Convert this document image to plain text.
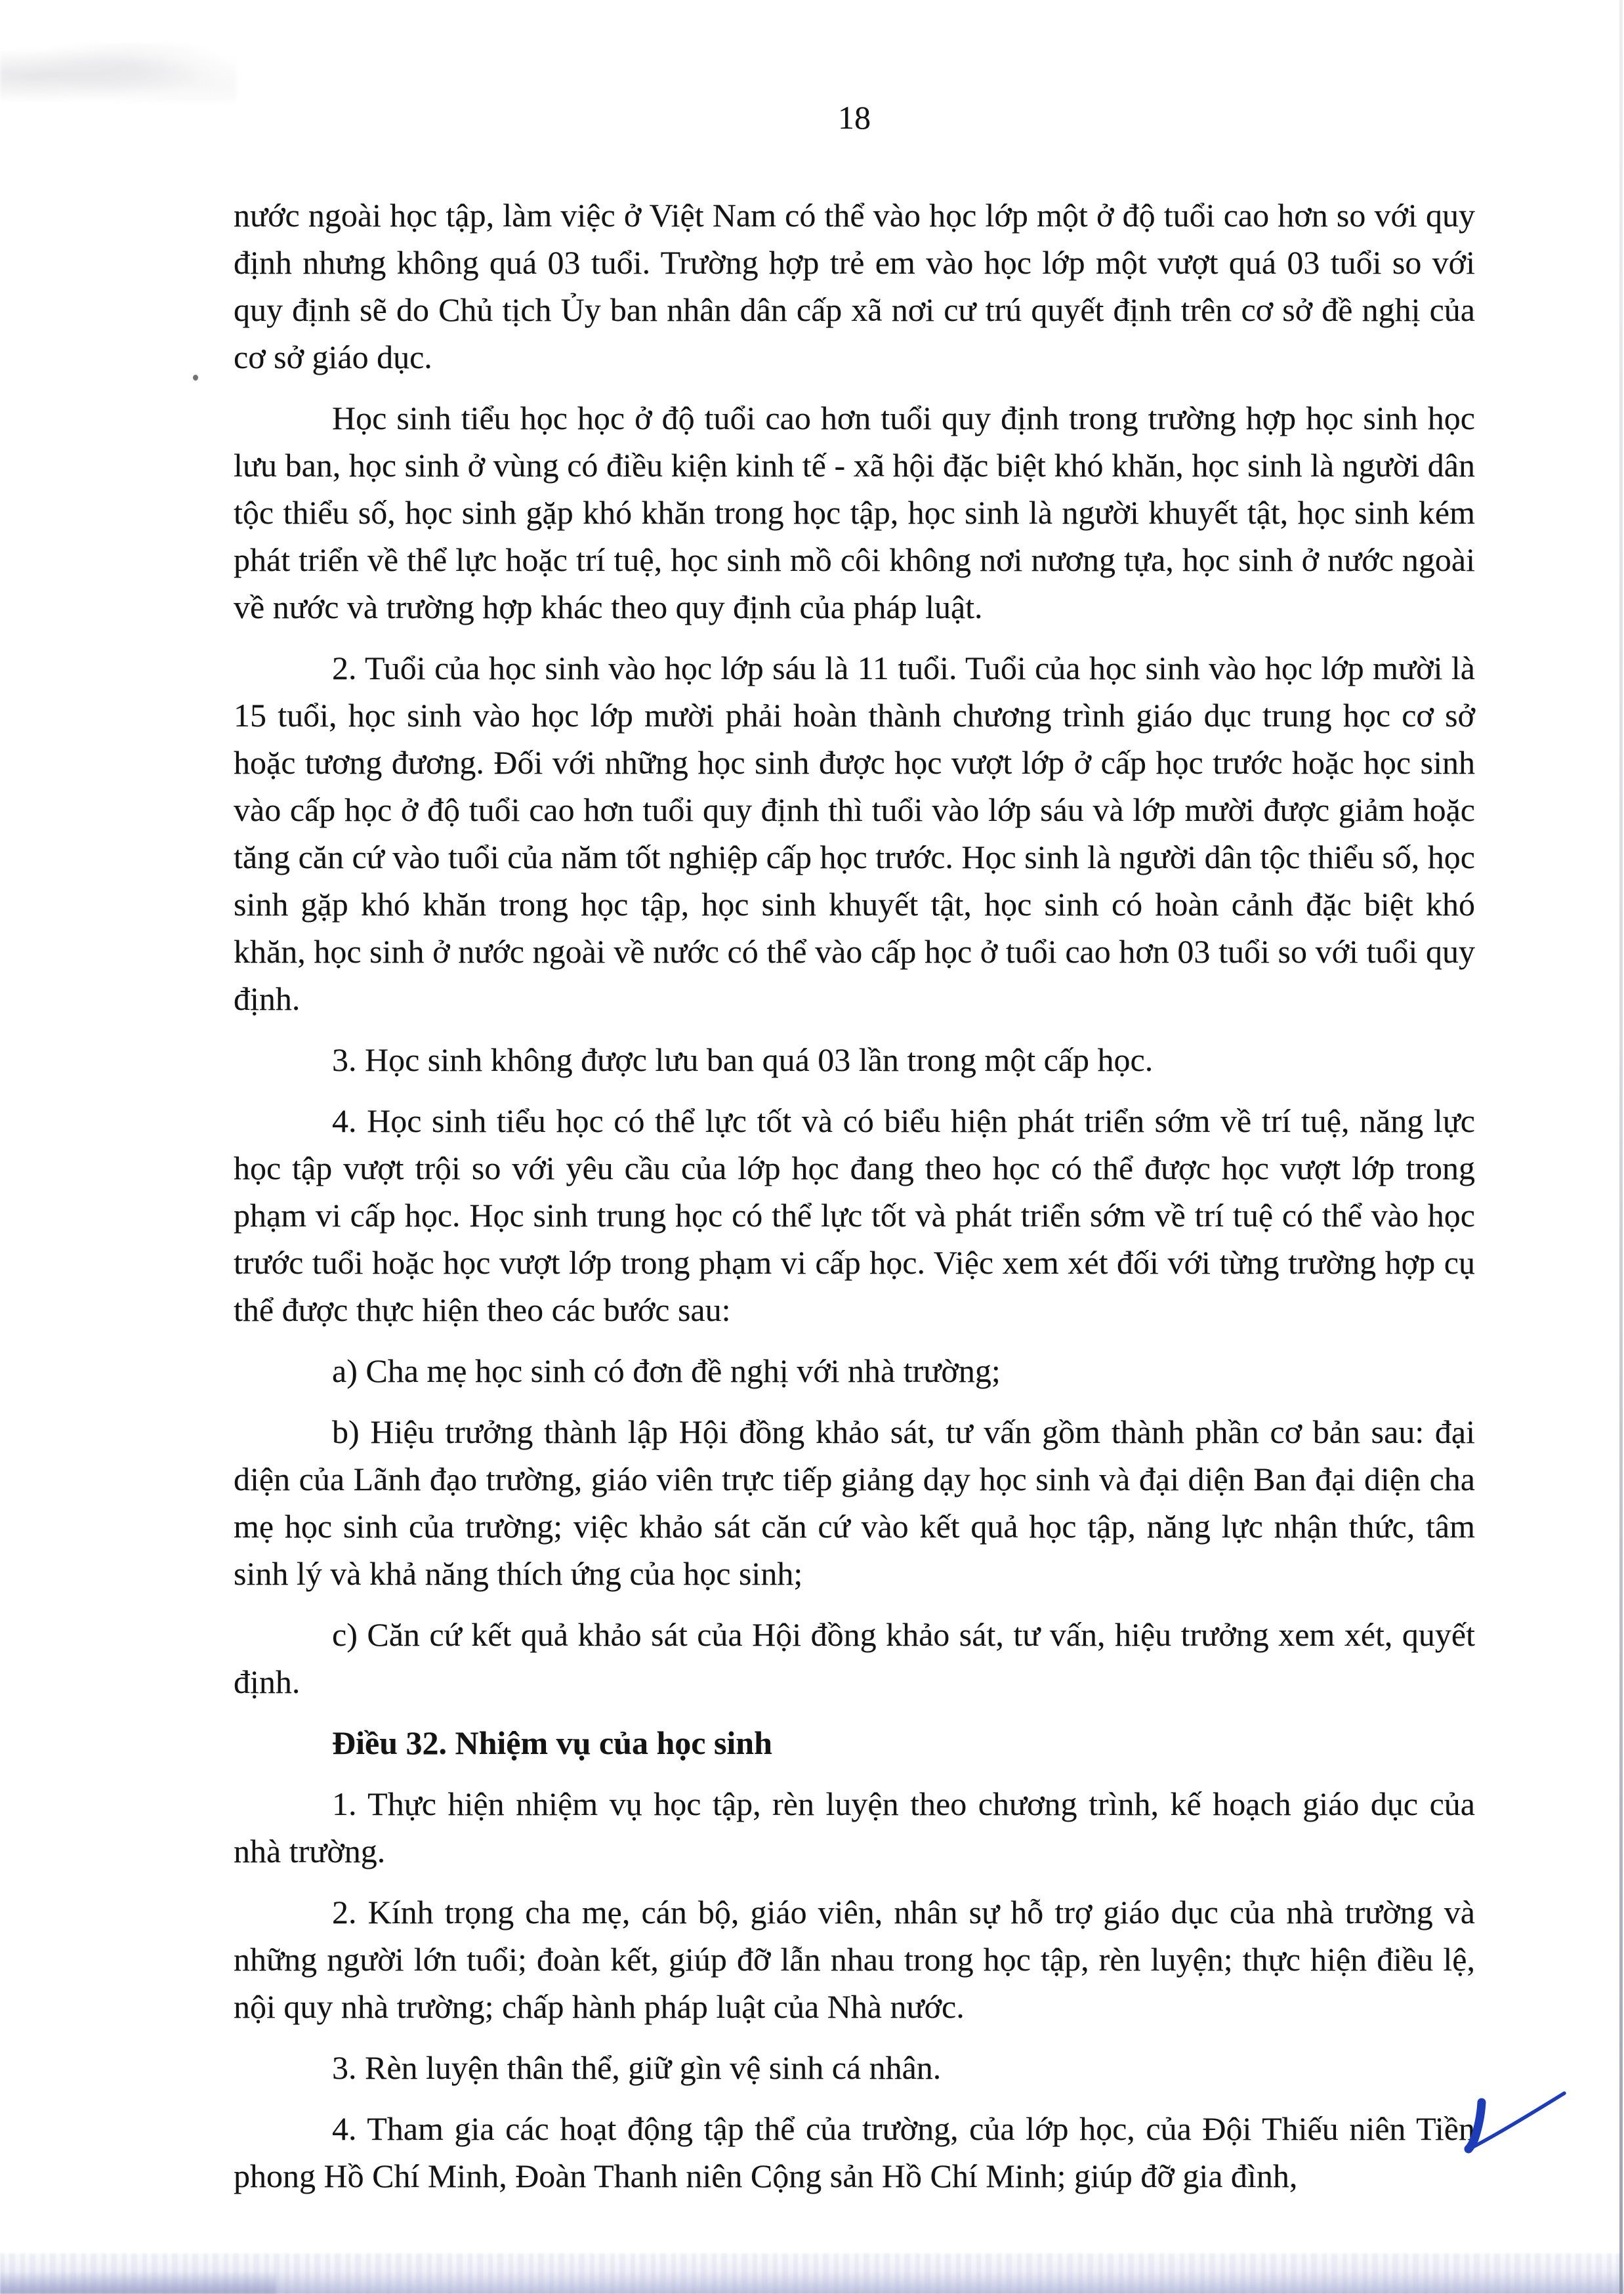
18

nước ngoài học tập, làm việc ở Việt Nam có thể vào học lớp một ở độ tuổi cao hơn so với quy định nhưng không quá 03 tuổi. Trường hợp trẻ em vào học lớp một vượt quá 03 tuổi so với quy định sẽ do Chủ tịch Ủy ban nhân dân cấp xã nơi cư trú quyết định trên cơ sở đề nghị của cơ sở giáo dục.

Học sinh tiểu học học ở độ tuổi cao hơn tuổi quy định trong trường hợp học sinh học lưu ban, học sinh ở vùng có điều kiện kinh tế - xã hội đặc biệt khó khăn, học sinh là người dân tộc thiểu số, học sinh gặp khó khăn trong học tập, học sinh là người khuyết tật, học sinh kém phát triển về thể lực hoặc trí tuệ, học sinh mồ côi không nơi nương tựa, học sinh ở nước ngoài về nước và trường hợp khác theo quy định của pháp luật.

2. Tuổi của học sinh vào học lớp sáu là 11 tuổi. Tuổi của học sinh vào học lớp mười là 15 tuổi, học sinh vào học lớp mười phải hoàn thành chương trình giáo dục trung học cơ sở hoặc tương đương. Đối với những học sinh được học vượt lớp ở cấp học trước hoặc học sinh vào cấp học ở độ tuổi cao hơn tuổi quy định thì tuổi vào lớp sáu và lớp mười được giảm hoặc tăng căn cứ vào tuổi của năm tốt nghiệp cấp học trước. Học sinh là người dân tộc thiểu số, học sinh gặp khó khăn trong học tập, học sinh khuyết tật, học sinh có hoàn cảnh đặc biệt khó khăn, học sinh ở nước ngoài về nước có thể vào cấp học ở tuổi cao hơn 03 tuổi so với tuổi quy định.

3. Học sinh không được lưu ban quá 03 lần trong một cấp học.

4. Học sinh tiểu học có thể lực tốt và có biểu hiện phát triển sớm về trí tuệ, năng lực học tập vượt trội so với yêu cầu của lớp học đang theo học có thể được học vượt lớp trong phạm vi cấp học. Học sinh trung học có thể lực tốt và phát triển sớm về trí tuệ có thể vào học trước tuổi hoặc học vượt lớp trong phạm vi cấp học. Việc xem xét đối với từng trường hợp cụ thể được thực hiện theo các bước sau:

a) Cha mẹ học sinh có đơn đề nghị với nhà trường;

b) Hiệu trưởng thành lập Hội đồng khảo sát, tư vấn gồm thành phần cơ bản sau: đại diện của Lãnh đạo trường, giáo viên trực tiếp giảng dạy học sinh và đại diện Ban đại diện cha mẹ học sinh của trường; việc khảo sát căn cứ vào kết quả học tập, năng lực nhận thức, tâm sinh lý và khả năng thích ứng của học sinh;

c) Căn cứ kết quả khảo sát của Hội đồng khảo sát, tư vấn, hiệu trưởng xem xét, quyết định.

Điều 32. Nhiệm vụ của học sinh

1. Thực hiện nhiệm vụ học tập, rèn luyện theo chương trình, kế hoạch giáo dục của nhà trường.

2. Kính trọng cha mẹ, cán bộ, giáo viên, nhân sự hỗ trợ giáo dục của nhà trường và những người lớn tuổi; đoàn kết, giúp đỡ lẫn nhau trong học tập, rèn luyện; thực hiện điều lệ, nội quy nhà trường; chấp hành pháp luật của Nhà nước.

3. Rèn luyện thân thể, giữ gìn vệ sinh cá nhân.

4. Tham gia các hoạt động tập thể của trường, của lớp học, của Đội Thiếu niên Tiền phong Hồ Chí Minh, Đoàn Thanh niên Cộng sản Hồ Chí Minh; giúp đỡ gia đình,
